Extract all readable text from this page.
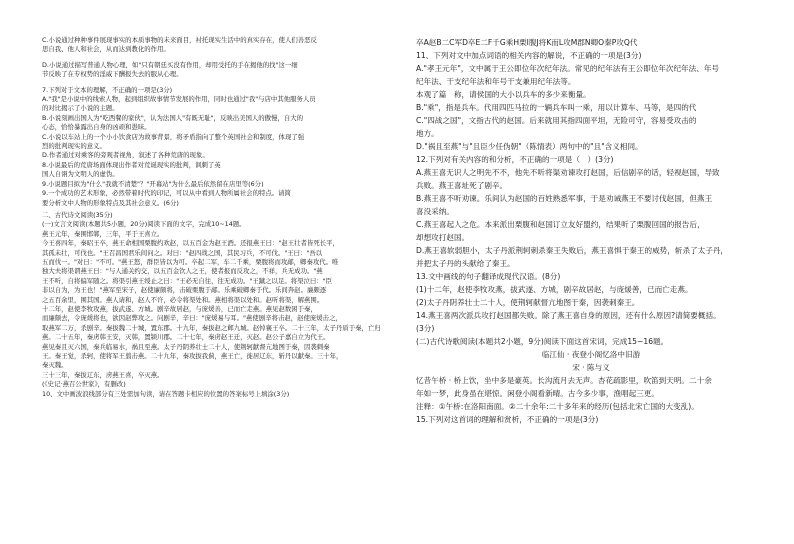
C.小说通过种种事件展现事实的本质事物的未来面目，衬托现实生活中的真实存在，使人们善恶反

思自我、他人和社会，从而达到教化的作用。

D.小说通过描写普通人物心理，如"只有朝廷买没有作用，却用受托的手在揭他的找"这一细

节反映了在专权势的淫威下酬报失去的服从心理。

7.下列对于文本的理解，不正确的一项是(3分)

A."我"是小说中的线索人物，起到组织故事情节发展的作用，同时也通过"我"与店中其他服务人员

的对比揭示了小说的主题。

B.小说刻画出国人为"吃西餐的家伙"，认为法国人"有既无耻"，反映出美国人的傲慢，自大的

心态，恰恰暴露出自身的凶顽和愚昧。

C.小说以车站上的一个小小饮食店为故事背景，将矛盾指向了整个英国社会和制度，体现了强

烈的批判现实的意义。

D.作者通过对乘客的旁观者视角，叙述了各种荒唐的现象。

8.小说最后的荒唐场面体现出作者对荒诞现实的批判，讽刺了英

国人自诩为文明人的虚伪。

9.小说题目拟为"什么"我就不清楚"？"开幕站"为什么最后依然留在店里等(6分)

9.一个成功的艺术形象，必然带着时代的印记，可以从中看到人物所属社会的特点。请简

要分析文中人物的形象特点及其社会意义。(6分)

二、古代诗文阅读(35分)

(一)文言文阅读(本题共5小题，20分)阅读下面的文字，完成10~14题。

燕王元年，秦围邯郸，三年，平于王喜立。

今王喜四年，秦昭王卒，燕王命相国栗腹约欢赵，以五百金为赵王酒。还报燕王曰："赵王壮者皆死长平，

其孤未壮，可伐也。"王召昌国君乐间问之。对曰："赵四战之国，其民习兵，不可伐。"王曰："吾以

五而伐一。"对曰："不可。"燕王怒，群臣皆以为可。卒起二军，车二千乘，栗腹将而攻鄗，卿秦攻代。唯

独大夫将渠谓燕王曰："与人通关约交，以五百金饮人之王，使者报而反攻之，不祥，兵无成功。"燕

王不听，自将偏军随之。将渠引燕王绶止之曰："王必无自往，往无成功。"王蹴之以足。将渠泣曰："臣

非以自为，为王也！"燕军至宋子，赵使廉颇将，击破栗腹于鄗。乐乘破卿秦于代。乐间奔赵。廉颇逐

之五百余里，围其国。燕人请和，赵人不许，必令将渠处和。燕相将渠以处和。赵听将渠，解燕围。

十二年，赵使李牧攻燕，拔武遂、方城。剧辛故居赵，与庞煖善，已而亡走燕。燕见赵数困于秦，

而廉颇去，令庞煖将也，欲因赵弊攻之。问剧辛，辛曰："庞煖易与耳。"燕使剧辛将击赵，赵使庞煖击之，

取燕军二万，杀剧辛。秦拔魏二十城，置东郡。十九年，秦拔赵之邺九城。赵悼襄王卒。二十三年，太子丹质于秦，亡归

燕。二十五年，秦虏韩王安，灭韩，置颍川郡。二十七年，秦虏赵王迁，灭赵。赵公子嘉自立为代王。

燕见秦且灭六国，秦兵临易水，祸且至燕。太子丹阴养壮士二十人，使荆轲献督亢地图于秦，因袭刺秦

王。秦王觉，杀轲，使将军王翦击燕。二十九年，秦攻拔我蓟，燕王亡，徙居辽东，斩丹以献秦。三十年，

秦灭魏。

三十三年，秦拔辽东，虏燕王喜，卒灭燕。

(《史记·燕召公世家》，有删改)

10、文中画波浪线部分有三处需加句读，请在答题卡相应的位置的答案标号上填涂(3分)

卒A赵B二C军D卒E二F千G乘H栗I腹J将K而L攻M郡N卿O秦P攻Q代

11、下列对文中加点词语的相关内容的解说，不正确的一项是(3分)

A."孝王元年"，文中属于王公即位年次纪年法。常见的纪年法有王公即位年次纪年法、年号

纪年法、干支纪年法和年号干支兼用纪年法等。

本观了篇　称，请侯国的大小以兵车的多少来衡量。

B."乘"，指是兵车。代用四匹马拉的一辆兵车叫一乘，用以计算车、马等，是四的代

C."四战之国"，文指古代的赵国。后来就用其指四面平坦，无险可守，容易受攻击的

地方。

D."祸且至燕"与"且臣少任伪朝"（陈情表）两句中的"且"含义相同。

12.下列对有关内容的和分析，不正确的一项是（　）(3分)

A.燕王喜无识人之明先不不，他先不听将渠劝谏攻打赵国，后信剧辛的话，轻视赵国，导致

兵败。燕王喜址死了剧辛。

B.燕王喜不听劝谏。乐间认为赵国的百姓熟悉军事，于是劝诫燕王不要讨伐赵国，但燕王

喜没采纳。

C.燕王喜起人之危。本来派出栗腹和赵国订立友好盟约，结果听了栗腹回国的报告后，

却想攻打赵国。

D.燕王喜软弱胆小，太子丹派荆轲刺杀秦王失败后，燕王喜惧于秦王的威势，斩杀了太子丹，

并把太子丹的头献给了秦王。

13.文中画线的句子翻译成现代汉语。(8分)

(1)十二年，赵使李牧攻燕，拔武遂、方城，剧辛故居赵，与庞煖善，已而亡走燕。

(2)太子丹阴养壮士二十人，使荆轲献督亢地图于秦，因袭刺秦王。

14.燕王喜两次派兵攻打赵国都失败。除了燕王喜自身的原因，还有什么原因?请简要概括。

(3分)

(二)古代诗歌阅读(本题共2小题，9分)阅读下面这首宋词，完成15~16题。

临江仙 · 夜登小阁忆洛中旧游

宋 · 陈与义

忆昔午桥 · 桥上饮，坐中多是豪英。长沟流月去无声。杏花疏影里，吹笛到天明。二十余

年如一梦，此身虽在堪惊。闲登小阁看新晴。古今多少事，渔唱起三更。

注释：①午桥:在洛阳南面。②二十余年:二十多年来的经历(包括北宋亡国的大变乱)。

15.下列对这首词的理解和赏析，不正确的一项是(3分)
